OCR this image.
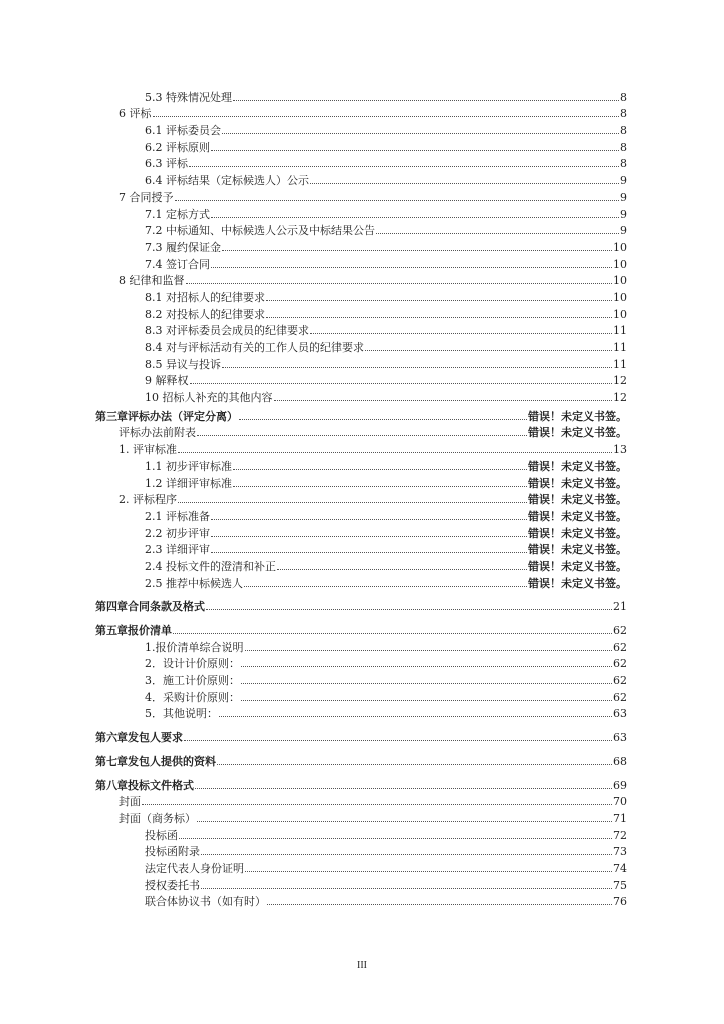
5.3 特殊情况处理	8
6 评标	8
6.1 评标委员会	8
6.2 评标原则	8
6.3 评标	8
6.4 评标结果（定标候选人）公示	9
7 合同授予	9
7.1 定标方式	9
7.2 中标通知、中标候选人公示及中标结果公告	9
7.3 履约保证金	10
7.4 签订合同	10
8 纪律和监督	10
8.1 对招标人的纪律要求	10
8.2 对投标人的纪律要求	10
8.3 对评标委员会成员的纪律要求	11
8.4 对与评标活动有关的工作人员的纪律要求	11
8.5 异议与投诉	11
9 解释权	12
10 招标人补充的其他内容	12
第三章评标办法（评定分离）	错误！未定义书签。
评标办法前附表	错误！未定义书签。
1. 评审标准	13
1.1 初步评审标准	错误！未定义书签。
1.2 详细评审标准	错误！未定义书签。
2. 评标程序	错误！未定义书签。
2.1 评标准备	错误！未定义书签。
2.2 初步评审	错误！未定义书签。
2.3 详细评审	错误！未定义书签。
2.4 投标文件的澄清和补正	错误！未定义书签。
2.5 推荐中标候选人	错误！未定义书签。
第四章合同条款及格式	21
第五章报价清单	62
1.报价清单综合说明	62
2．设计计价原则：	62
3．施工计价原则：	62
4．采购计价原则：	62
5．其他说明：	63
第六章发包人要求	63
第七章发包人提供的资料	68
第八章投标文件格式	69
封面	70
封面（商务标）	71
投标函	72
投标函附录	73
法定代表人身份证明	74
授权委托书	75
联合体协议书（如有时）	76
III
